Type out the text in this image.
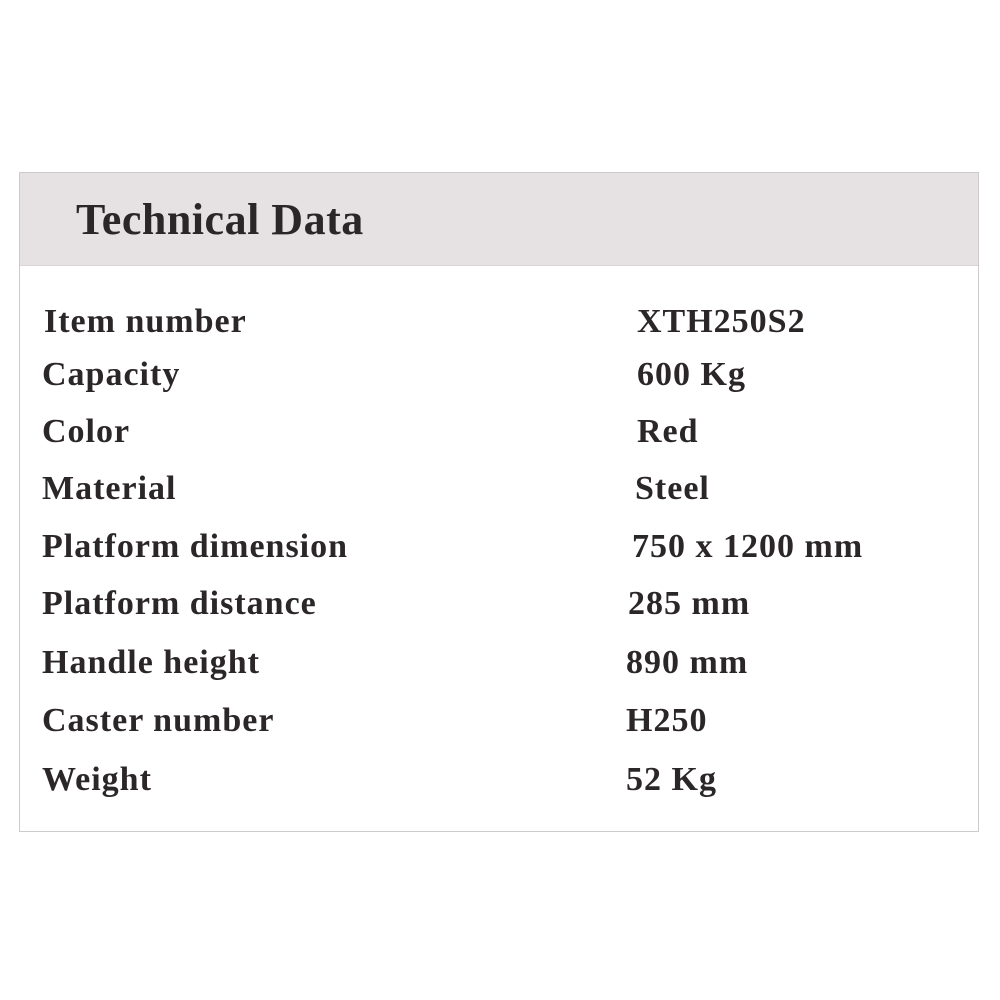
Technical Data
Item number	XTH250S2
Capacity	600 Kg
Color	Red
Material	Steel
Platform dimension	750 x 1200 mm
Platform distance	285 mm
Handle height	890 mm
Caster number	H250
Weight	52 Kg
